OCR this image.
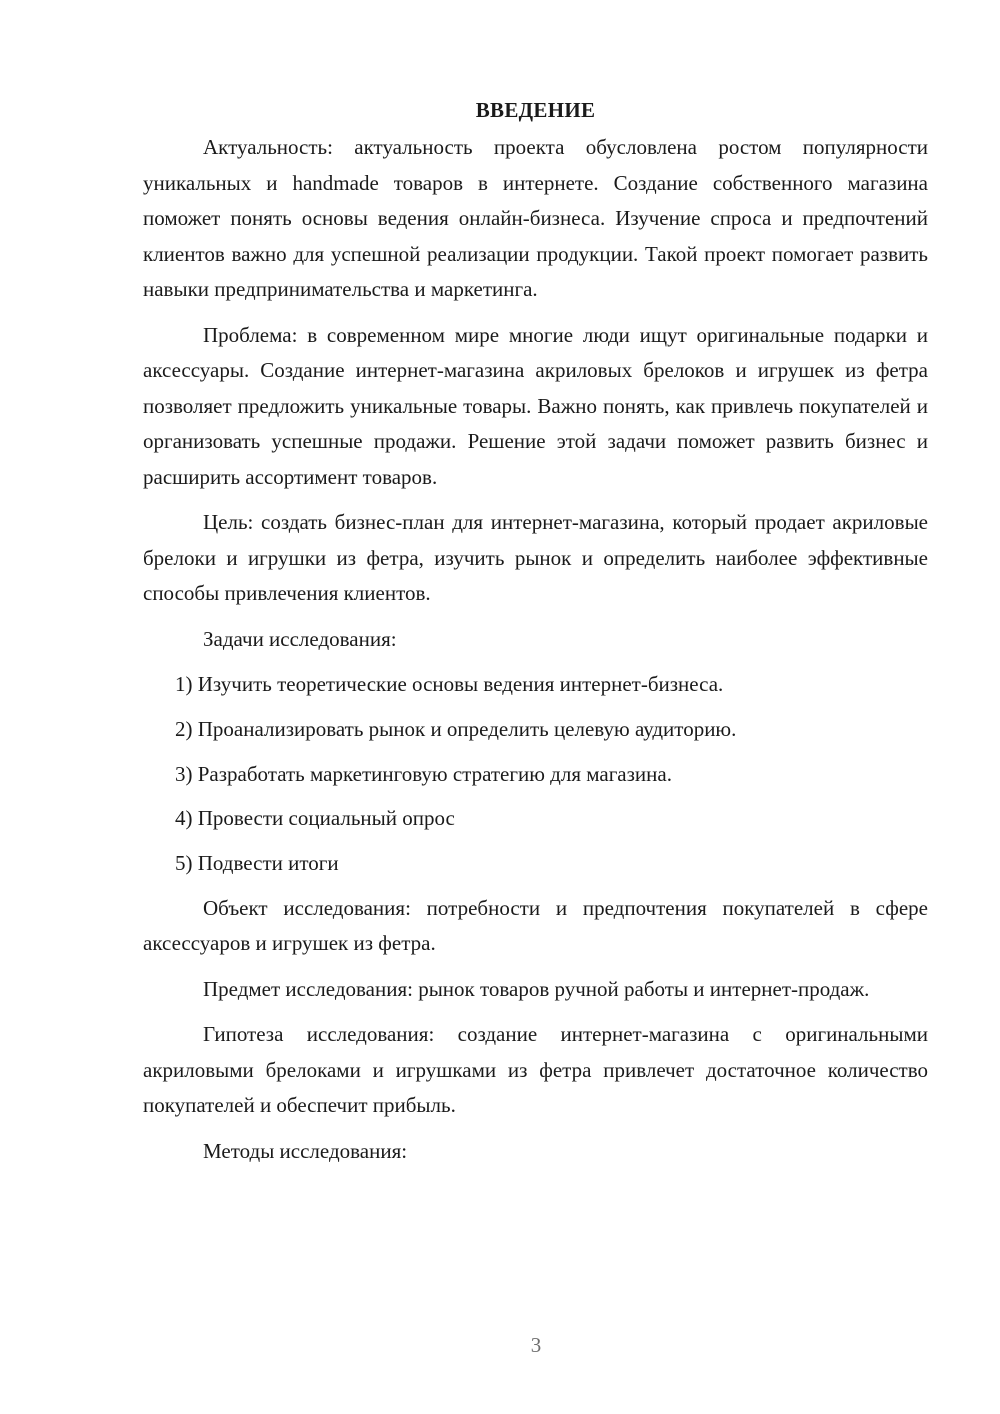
ВВЕДЕНИЕ

Актуальность: актуальность проекта обусловлена ростом популярности уникальных и handmade товаров в интернете. Создание собственного магазина поможет понять основы ведения онлайн-бизнеса. Изучение спроса и предпочтений клиентов важно для успешной реализации продукции. Такой проект помогает развить навыки предпринимательства и маркетинга.

Проблема: в современном мире многие люди ищут оригинальные подарки и аксессуары. Создание интернет-магазина акриловых брелоков и игрушек из фетра позволяет предложить уникальные товары. Важно понять, как привлечь покупателей и организовать успешные продажи. Решение этой задачи поможет развить бизнес и расширить ассортимент товаров.

Цель: создать бизнес-план для интернет-магазина, который продает акриловые брелоки и игрушки из фетра, изучить рынок и определить наиболее эффективные способы привлечения клиентов.

Задачи исследования:

1) Изучить теоретические основы ведения интернет-бизнеса.
2) Проанализировать рынок и определить целевую аудиторию.
3) Разработать маркетинговую стратегию для магазина.
4) Провести социальный опрос
5) Подвести итоги

Объект исследования: потребности и предпочтения покупателей в сфере аксессуаров и игрушек из фетра.

Предмет исследования: рынок товаров ручной работы и интернет-продаж.

Гипотеза исследования: создание интернет-магазина с оригинальными акриловыми брелоками и игрушками из фетра привлечет достаточное количество покупателей и обеспечит прибыль.

Методы исследования:

3
